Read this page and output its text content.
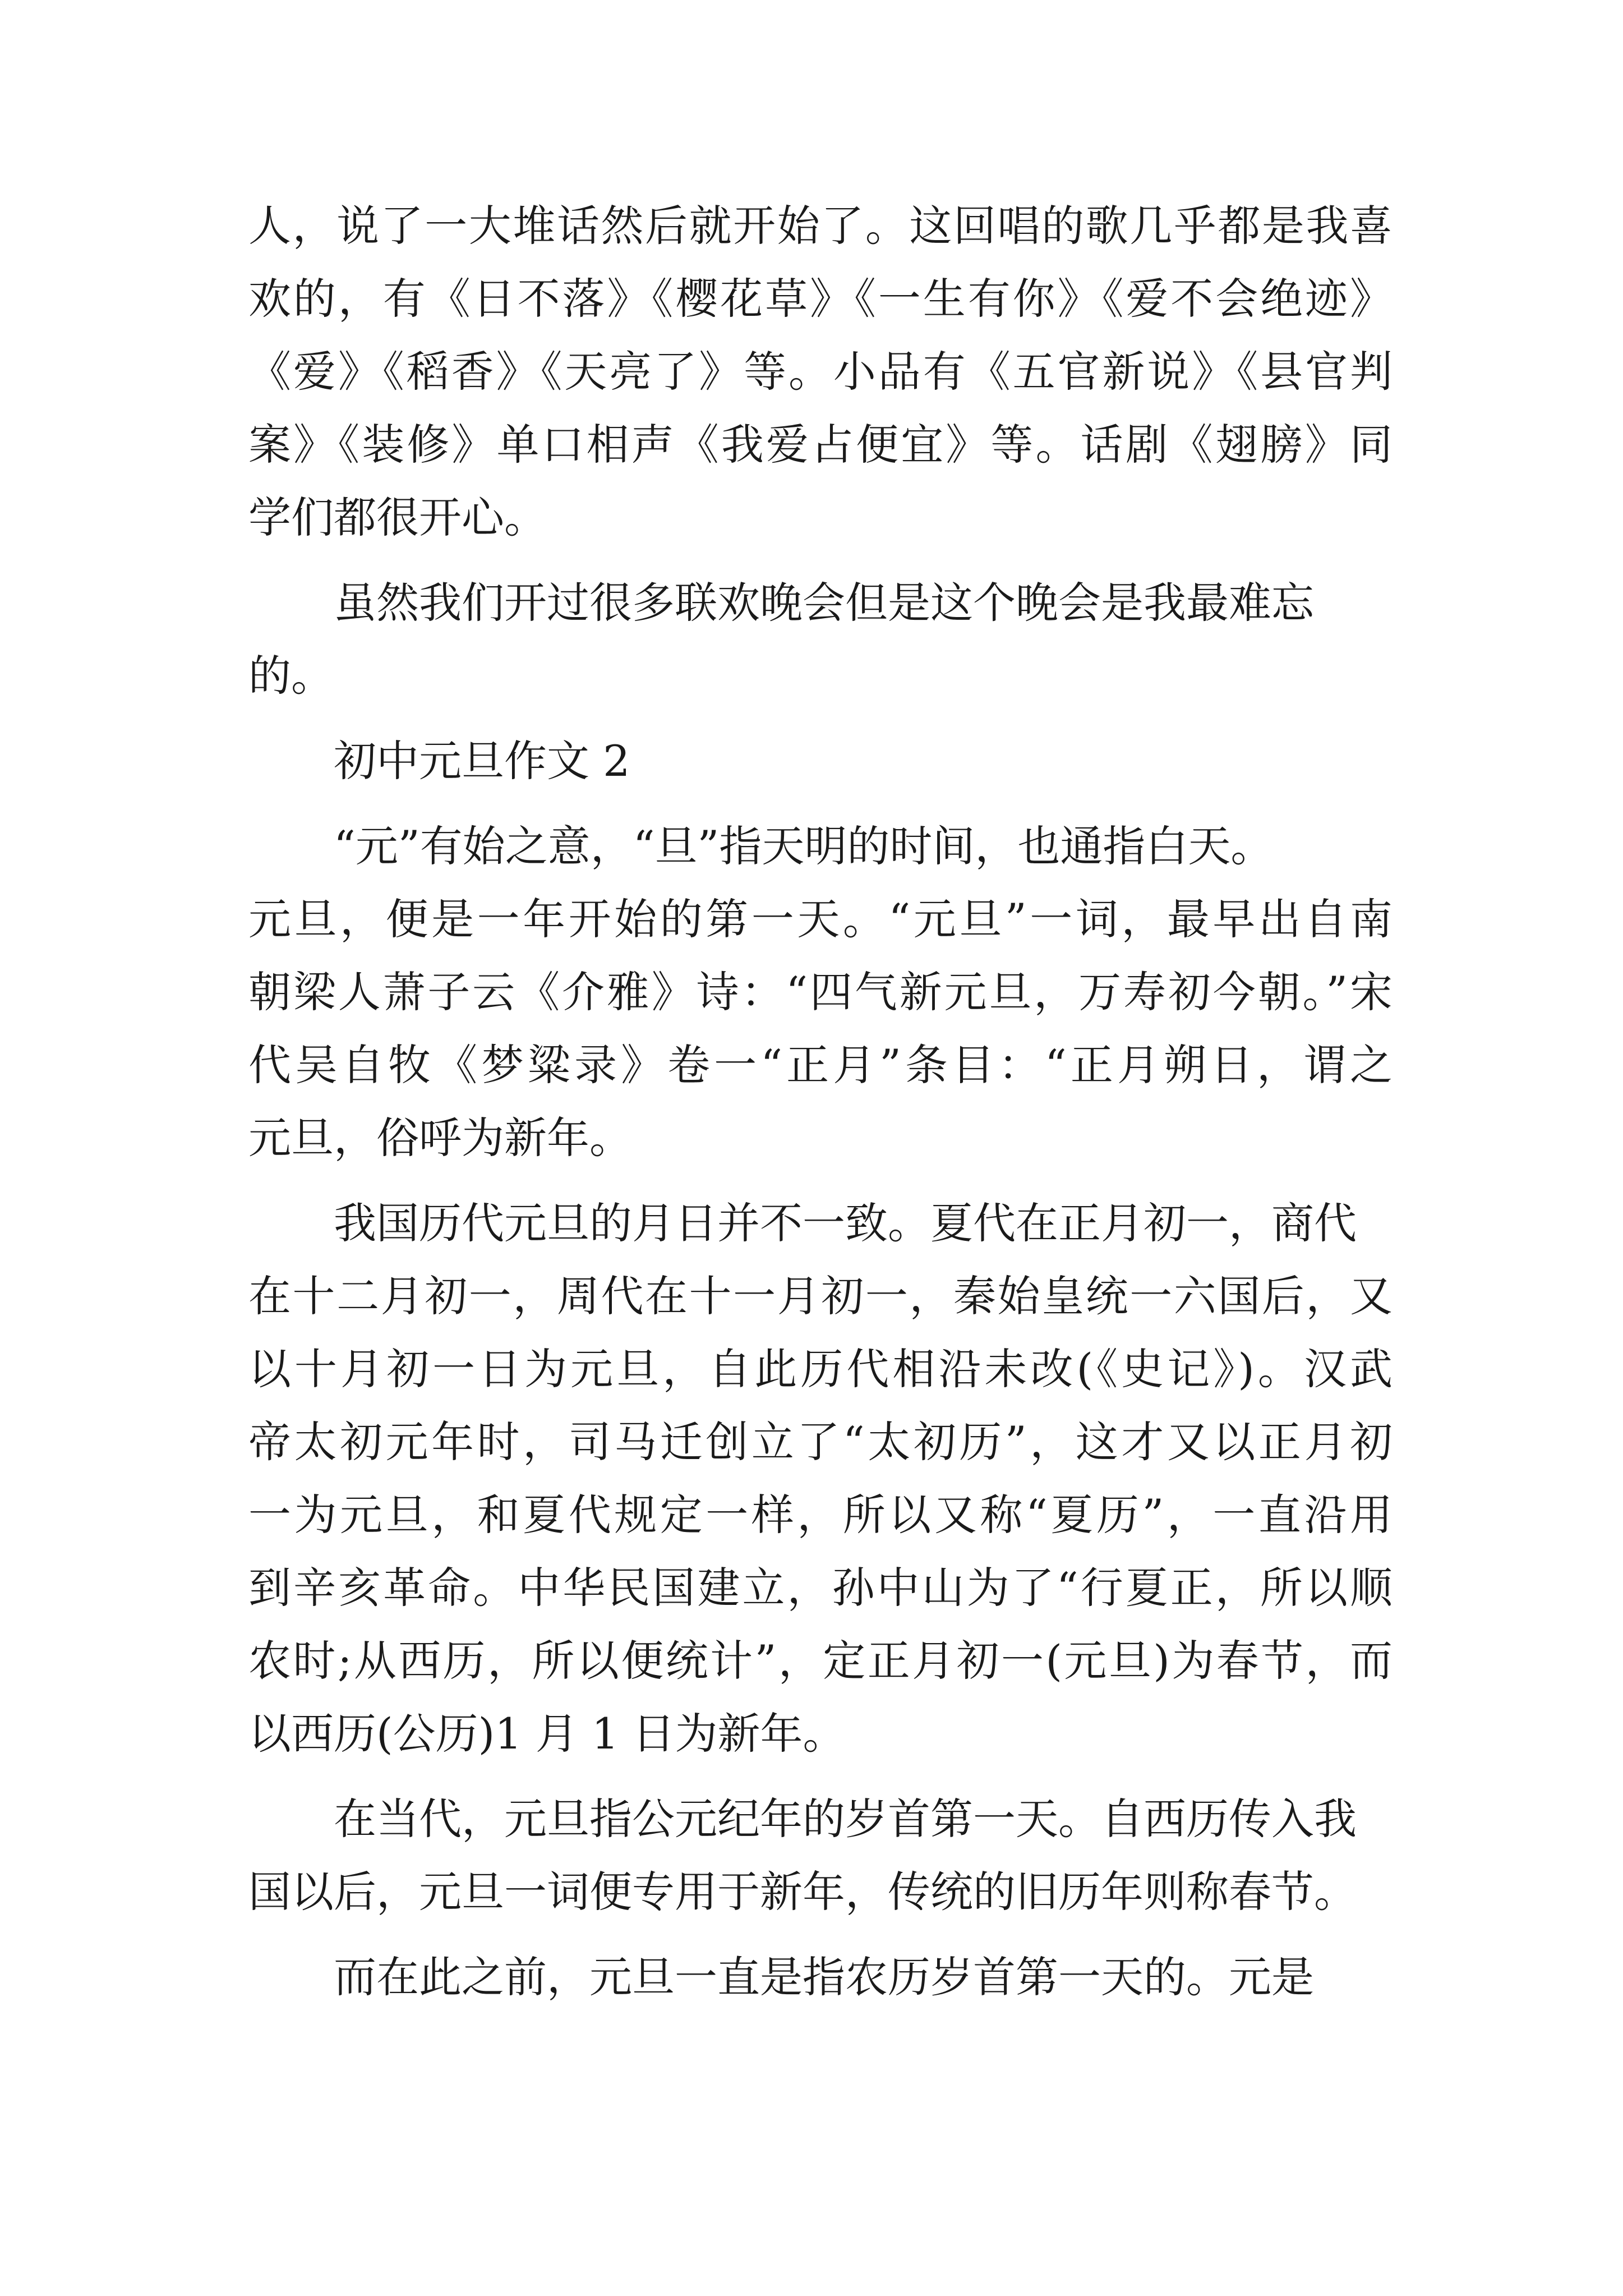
人，说了一大堆话然后就开始了。这回唱的歌几乎都是我喜
欢的，有《日不落》《樱花草》《一生有你》《爱不会绝迹》
《爱》《稻香》《天亮了》等。小品有《五官新说》《县官判
案》《装修》单口相声《我爱占便宜》等。话剧《翅膀》同
学们都很开心。
虽然我们开过很多联欢晚会但是这个晚会是我最难忘
的。
初中元旦作文 2
“元”有始之意，“旦”指天明的时间，也通指白天。
元旦，便是一年开始的第一天。“元旦”一词，最早出自南
朝梁人萧子云《介雅》诗：“四气新元旦，万寿初今朝。”宋
代吴自牧《梦粱录》卷一“正月”条目：“正月朔日，谓之
元旦，俗呼为新年。
我国历代元旦的月日并不一致。夏代在正月初一，商代
在十二月初一，周代在十一月初一，秦始皇统一六国后，又
以十月初一日为元旦，自此历代相沿未改(《史记》)。汉武
帝太初元年时，司马迁创立了“太初历”，这才又以正月初
一为元旦，和夏代规定一样，所以又称“夏历”，一直沿用
到辛亥革命。中华民国建立，孙中山为了“行夏正，所以顺
农时;从西历，所以便统计”，定正月初一(元旦)为春节，而
以西历(公历)1 月 1 日为新年。
在当代，元旦指公元纪年的岁首第一天。自西历传入我
国以后，元旦一词便专用于新年，传统的旧历年则称春节。
而在此之前，元旦一直是指农历岁首第一天的。元是
